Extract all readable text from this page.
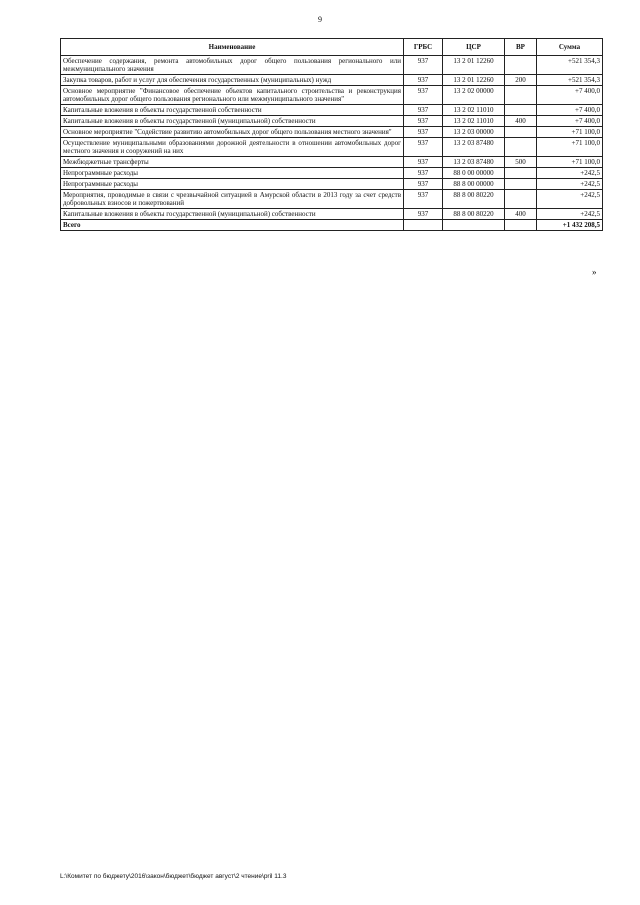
9
Наименование	ГРБС	ЦСР	ВР	Сумма
Обеспечение содержания, ремонта автомобильных дорог общего пользования регионального или межмуниципального значения	937	13 2 01 12260		+521 354,3
Закупка товаров, работ и услуг для обеспечения государственных (муниципальных) нужд	937	13 2 01 12260	200	+521 354,3
Основное мероприятие "Финансовое обеспечение объектов капитального строительства и реконструкция автомобильных дорог общего пользования регионального или межмуниципального значения"	937	13 2 02 00000		+7 400,0
Капитальные вложения в объекты государственной собственности	937	13 2 02 11010		+7 400,0
Капитальные вложения в объекты государственной (муниципальной) собственности	937	13 2 02 11010	400	+7 400,0
Основное мероприятие "Содействие развитию автомобильных дорог общего пользования местного значения"	937	13 2 03 00000		+71 100,0
Осуществление муниципальными образованиями дорожной деятельности в отношении автомобильных дорог местного значения и сооружений на них	937	13 2 03 87480		+71 100,0
Межбюджетные трансферты	937	13 2 03 87480	500	+71 100,0
Непрограммные расходы	937	88 0 00 00000		+242,5
Непрограммные расходы	937	88 8 00 00000		+242,5
Мероприятия, проводимые в связи с чрезвычайной ситуацией в Амурской области в 2013 году за счет средств добровольных взносов и пожертвований	937	88 8 00 80220		+242,5
Капитальные вложения в объекты государственной (муниципальной) собственности	937	88 8 00 80220	400	+242,5
Всего				+1 432 208,5
»
L:\Комитет по бюджету\2016\закон\бюджет\бюджет август\2 чтение\pril 11.3
